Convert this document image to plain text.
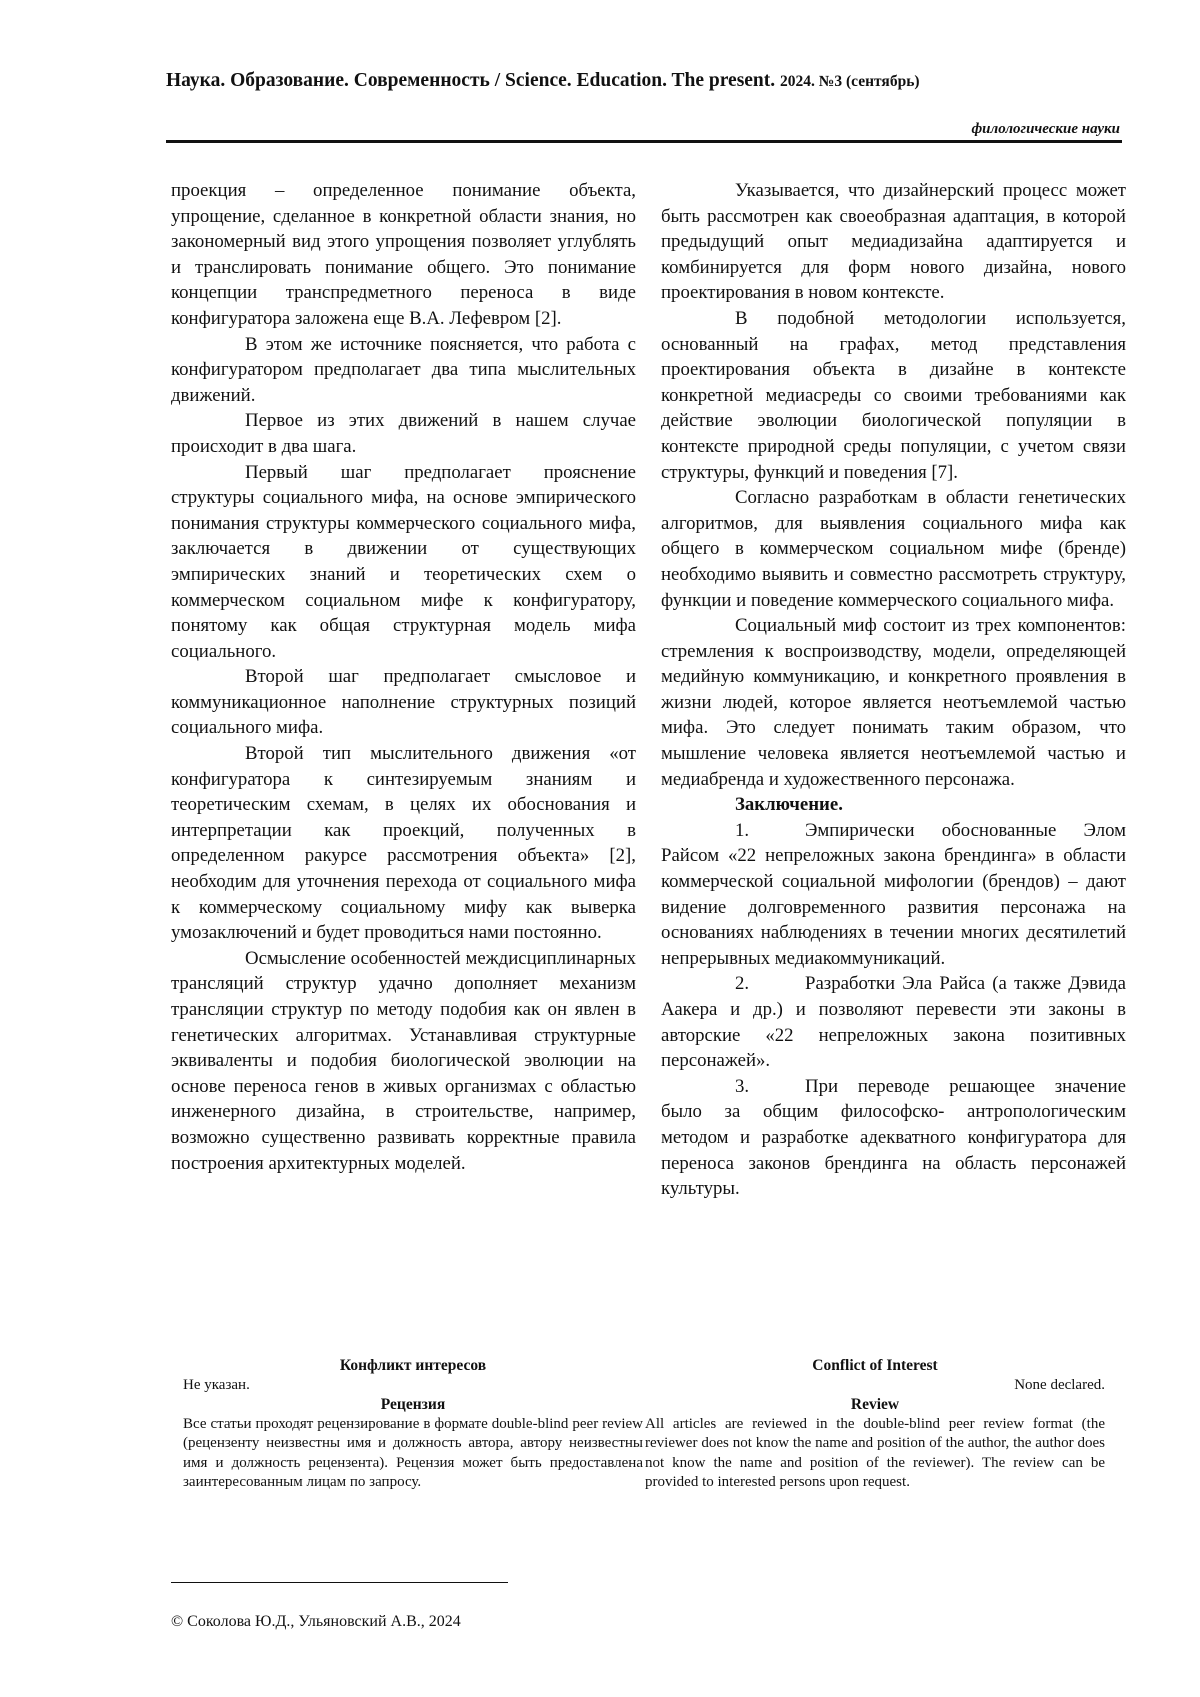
Наука. Образование. Современность / Science. Education. The present. 2024. №3 (сентябрь)
филологические науки

проекция – определенное понимание объекта, упрощение, сделанное в конкретной области знания, но закономерный вид этого упрощения позволяет углублять и транслировать понимание общего. Это понимание концепции транспредметного переноса в виде конфигуратора заложена еще В.А. Лефевром [2].

В этом же источнике поясняется, что работа с конфигуратором предполагает два типа мыслительных движений.

Первое из этих движений в нашем случае происходит в два шага.

Первый шаг предполагает прояснение структуры социального мифа, на основе эмпирического понимания структуры коммерческого социального мифа, заключается в движении от существующих эмпирических знаний и теоретических схем о коммерческом социальном мифе к конфигуратору, понятому как общая структурная модель мифа социального.

Второй шаг предполагает смысловое и коммуникационное наполнение структурных позиций социального мифа.

Второй тип мыслительного движения «от конфигуратора к синтезируемым знаниям и теоретическим схемам, в целях их обоснования и интерпретации как проекций, полученных в определенном ракурсе рассмотрения объекта» [2], необходим для уточнения перехода от социального мифа к коммерческому социальному мифу как выверка умозаключений и будет проводиться нами постоянно.

Осмысление особенностей междисциплинарных трансляций структур удачно дополняет механизм трансляции структур по методу подобия как он явлен в генетических алгоритмах. Устанавливая структурные эквиваленты и подобия биологической эволюции на основе переноса генов в живых организмах с областью инженерного дизайна, в строительстве, например, возможно существенно развивать корректные правила построения архитектурных моделей.

Указывается, что дизайнерский процесс может быть рассмотрен как своеобразная адаптация, в которой предыдущий опыт медиадизайна адаптируется и комбинируется для форм нового дизайна, нового проектирования в новом контексте.

В подобной методологии используется, основанный на графах, метод представления проектирования объекта в дизайне в контексте конкретной медиасреды со своими требованиями как действие эволюции биологической популяции в контексте природной среды популяции, с учетом связи структуры, функций и поведения [7].

Согласно разработкам в области генетических алгоритмов, для выявления социального мифа как общего в коммерческом социальном мифе (бренде) необходимо выявить и совместно рассмотреть структуру, функции и поведение коммерческого социального мифа.

Социальный миф состоит из трех компонентов: стремления к воспроизводству, модели, определяющей медийную коммуникацию, и конкретного проявления в жизни людей, которое является неотъемлемой частью мифа. Это следует понимать таким образом, что мышление человека является неотъемлемой частью и медиабренда и художественного персонажа.

Заключение.

1.	Эмпирически обоснованные Элом Райсом «22 непреложных закона брендинга» в области коммерческой социальной мифологии (брендов) – дают видение долговременного развития персонажа на основаниях наблюдениях в течении многих десятилетий непрерывных медиакоммуникаций.

2.	Разработки Эла Райса (а также Дэвида Аакера и др.) и позволяют перевести эти законы в авторские «22 непреложных закона позитивных персонажей».

3.	При переводе решающее значение было за общим философско- антропологическим методом и разработке адекватного конфигуратора для переноса законов брендинга на область персонажей культуры.

Конфликт интересов
Не указан.
Рецензия
Все статьи проходят рецензирование в формате double-blind peer review (рецензенту неизвестны имя и должность автора, автору неизвестны имя и должность рецензента). Рецензия может быть предоставлена заинтересованным лицам по запросу.
Conflict of Interest
None declared.
Review
All articles are reviewed in the double-blind peer review format (the reviewer does not know the name and position of the author, the author does not know the name and position of the reviewer). The review can be provided to interested persons upon request.
© Соколова Ю.Д., Ульяновский А.В., 2024
